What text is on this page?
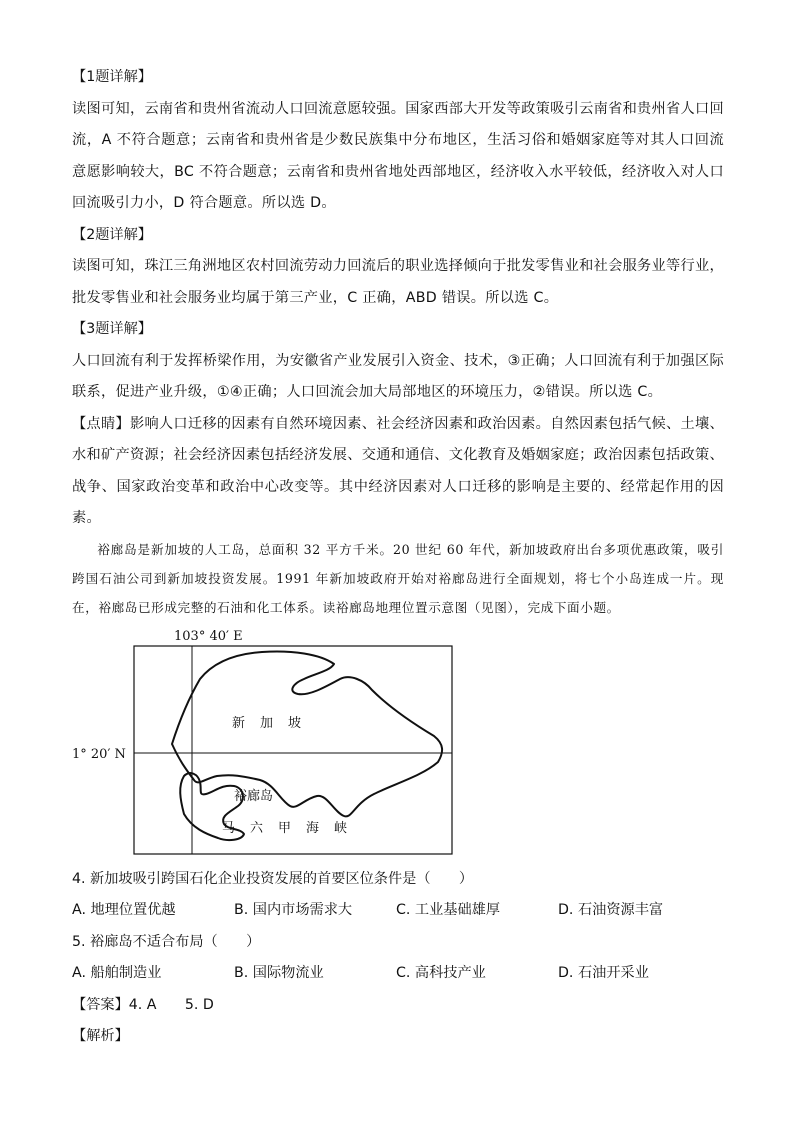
【1题详解】

读图可知，云南省和贵州省流动人口回流意愿较强。国家西部大开发等政策吸引云南省和贵州省人口回流，A 不符合题意；云南省和贵州省是少数民族集中分布地区，生活习俗和婚姻家庭等对其人口回流意愿影响较大，BC 不符合题意；云南省和贵州省地处西部地区，经济收入水平较低，经济收入对人口回流吸引力小，D 符合题意。所以选 D。

【2题详解】

读图可知，珠江三角洲地区农村回流劳动力回流后的职业选择倾向于批发零售业和社会服务业等行业，批发零售业和社会服务业均属于第三产业，C 正确，ABD 错误。所以选 C。

【3题详解】

人口回流有利于发挥桥梁作用，为安徽省产业发展引入资金、技术，③正确；人口回流有利于加强区际联系，促进产业升级，①④正确；人口回流会加大局部地区的环境压力，②错误。所以选 C。

【点睛】影响人口迁移的因素有自然环境因素、社会经济因素和政治因素。自然因素包括气候、土壤、水和矿产资源；社会经济因素包括经济发展、交通和通信、文化教育及婚姻家庭；政治因素包括政策、战争、国家政治变革和政治中心改变等。其中经济因素对人口迁移的影响是主要的、经常起作用的因素。

裕廊岛是新加坡的人工岛，总面积 32 平方千米。20 世纪 60 年代，新加坡政府出台多项优惠政策，吸引跨国石油公司到新加坡投资发展。1991 年新加坡政府开始对裕廊岛进行全面规划，将七个小岛连成一片。现在，裕廊岛已形成完整的石油和化工体系。读裕廊岛地理位置示意图（见图），完成下面小题。

103° 40′ E
1° 20′ N
新　加　坡
裕廊岛
马　六　甲　海　峡

4. 新加坡吸引跨国石化企业投资发展的首要区位条件是（　　）

A. 地理位置优越	B. 国内市场需求大	C. 工业基础雄厚	D. 石油资源丰富

5. 裕廊岛不适合布局（　　）

A. 船舶制造业	B. 国际物流业	C. 高科技产业	D. 石油开采业

【答案】4. A　　5. D

【解析】
